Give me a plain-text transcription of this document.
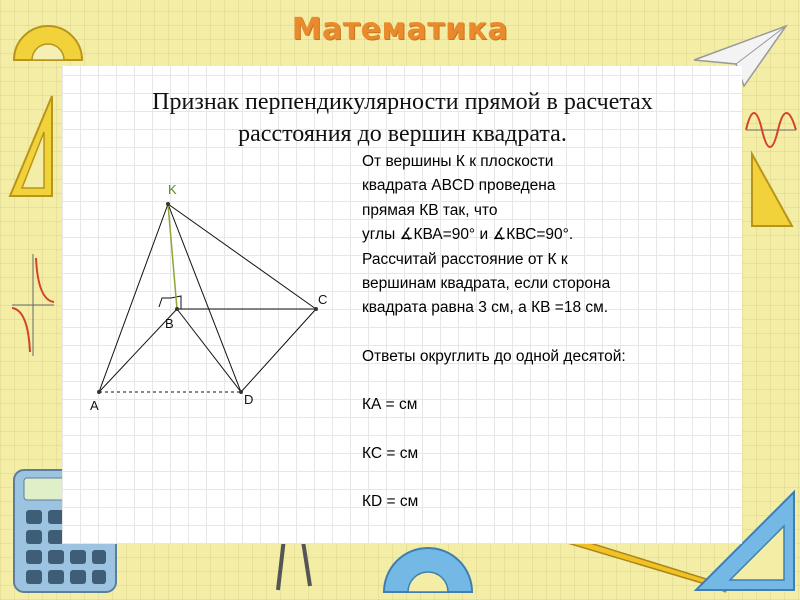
Математика
Признак перпендикулярности прямой в расчетах
расстояния до вершин квадрата.
K
B
C
A	D

От вершины К к плоскости

квадрата ABCD проведена

прямая КВ так, что

углы ∡КВА=90° и ∡КВС=90°.

Рассчитай расстояние от К к

вершинам квадрата, если сторона

квадрата равна 3 см, а КВ =18 см.

Ответы округлить до одной десятой:

КА = см

КС = см

КD = см
